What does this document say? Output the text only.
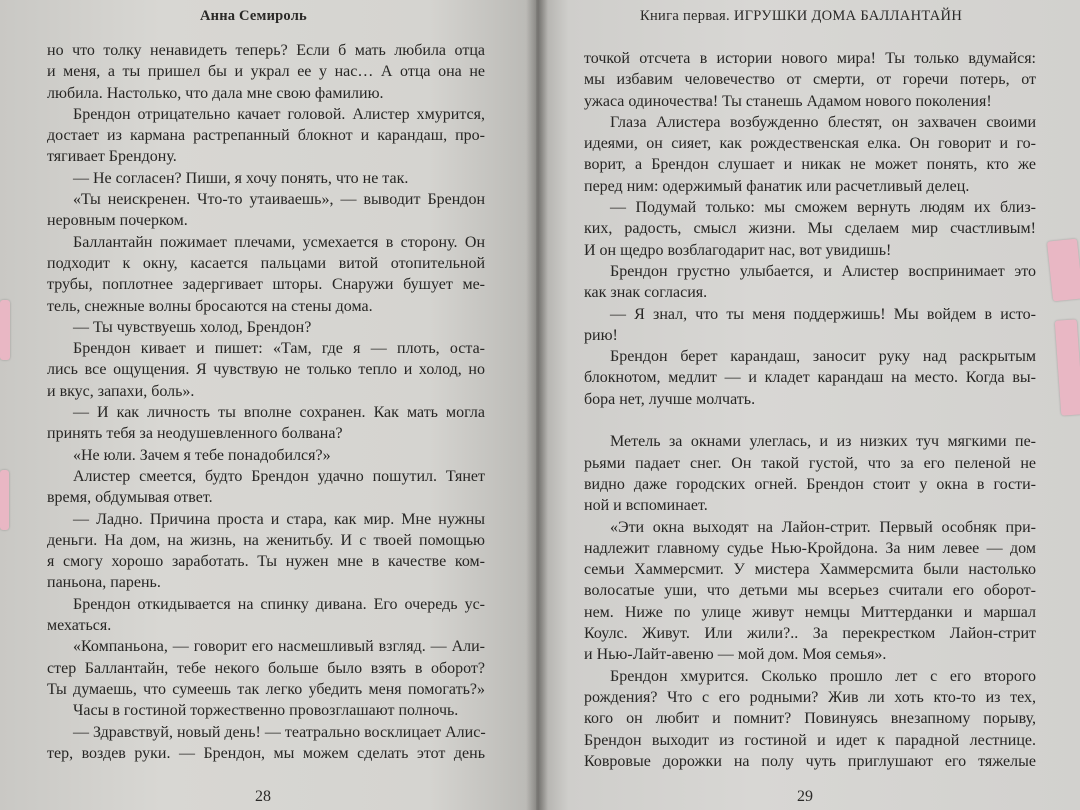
Анна Семироль
но что толку ненавидеть теперь? Если б мать любила отца
и меня, а ты пришел бы и украл ее у нас… А отца она не
любила. Настолько, что дала мне свою фамилию.
Брендон отрицательно качает головой. Алистер хмурится,
достает из кармана растрепанный блокнот и карандаш, про-
тягивает Брендону.
— Не согласен? Пиши, я хочу понять, что не так.
«Ты неискренен. Что-то утаиваешь», — выводит Брендон
неровным почерком.
Баллантайн пожимает плечами, усмехается в сторону. Он
подходит к окну, касается пальцами витой отопительной
трубы, поплотнее задергивает шторы. Снаружи бушует ме-
тель, снежные волны бросаются на стены дома.
— Ты чувствуешь холод, Брендон?
Брендон кивает и пишет: «Там, где я — плоть, оста-
лись все ощущения. Я чувствую не только тепло и холод, но
и вкус, запахи, боль».
— И как личность ты вполне сохранен. Как мать могла
принять тебя за неодушевленного болвана?
«Не юли. Зачем я тебе понадобился?»
Алистер смеется, будто Брендон удачно пошутил. Тянет
время, обдумывая ответ.
— Ладно. Причина проста и стара, как мир. Мне нужны
деньги. На дом, на жизнь, на женитьбу. И с твоей помощью
я смогу хорошо заработать. Ты нужен мне в качестве ком-
паньона, парень.
Брендон откидывается на спинку дивана. Его очередь ус-
мехаться.
«Компаньона, — говорит его насмешливый взгляд. — Али-
стер Баллантайн, тебе некого больше было взять в оборот?
Ты думаешь, что сумеешь так легко убедить меня помогать?»
Часы в гостиной торжественно провозглашают полночь.
— Здравствуй, новый день! — театрально восклицает Алис-
тер, воздев руки. — Брендон, мы можем сделать этот день
28
Книга первая. ИГРУШКИ ДОМА БАЛЛАНТАЙН
точкой отсчета в истории нового мира! Ты только вдумайся:
мы избавим человечество от смерти, от горечи потерь, от
ужаса одиночества! Ты станешь Адамом нового поколения!
Глаза Алистера возбужденно блестят, он захвачен своими
идеями, он сияет, как рождественская елка. Он говорит и го-
ворит, а Брендон слушает и никак не может понять, кто же
перед ним: одержимый фанатик или расчетливый делец.
— Подумай только: мы сможем вернуть людям их близ-
ких, радость, смысл жизни. Мы сделаем мир счастливым!
И он щедро возблагодарит нас, вот увидишь!
Брендон грустно улыбается, и Алистер воспринимает это
как знак согласия.
— Я знал, что ты меня поддержишь! Мы войдем в исто-
рию!
Брендон берет карандаш, заносит руку над раскрытым
блокнотом, медлит — и кладет карандаш на место. Когда вы-
бора нет, лучше молчать.
Метель за окнами улеглась, и из низких туч мягкими пе-
рьями падает снег. Он такой густой, что за его пеленой не
видно даже городских огней. Брендон стоит у окна в гости-
ной и вспоминает.
«Эти окна выходят на Лайон-стрит. Первый особняк при-
надлежит главному судье Нью-Кройдона. За ним левее — дом
семьи Хаммерсмит. У мистера Хаммерсмита были настолько
волосатые уши, что детьми мы всерьез считали его оборот-
нем. Ниже по улице живут немцы Миттерданки и маршал
Коулс. Живут. Или жили?.. За перекрестком Лайон-стрит
и Нью-Лайт-авеню — мой дом. Моя семья».
Брендон хмурится. Сколько прошло лет с его второго
рождения? Что с его родными? Жив ли хоть кто-то из тех,
кого он любит и помнит? Повинуясь внезапному порыву,
Брендон выходит из гостиной и идет к парадной лестнице.
Ковровые дорожки на полу чуть приглушают его тяжелые
29
